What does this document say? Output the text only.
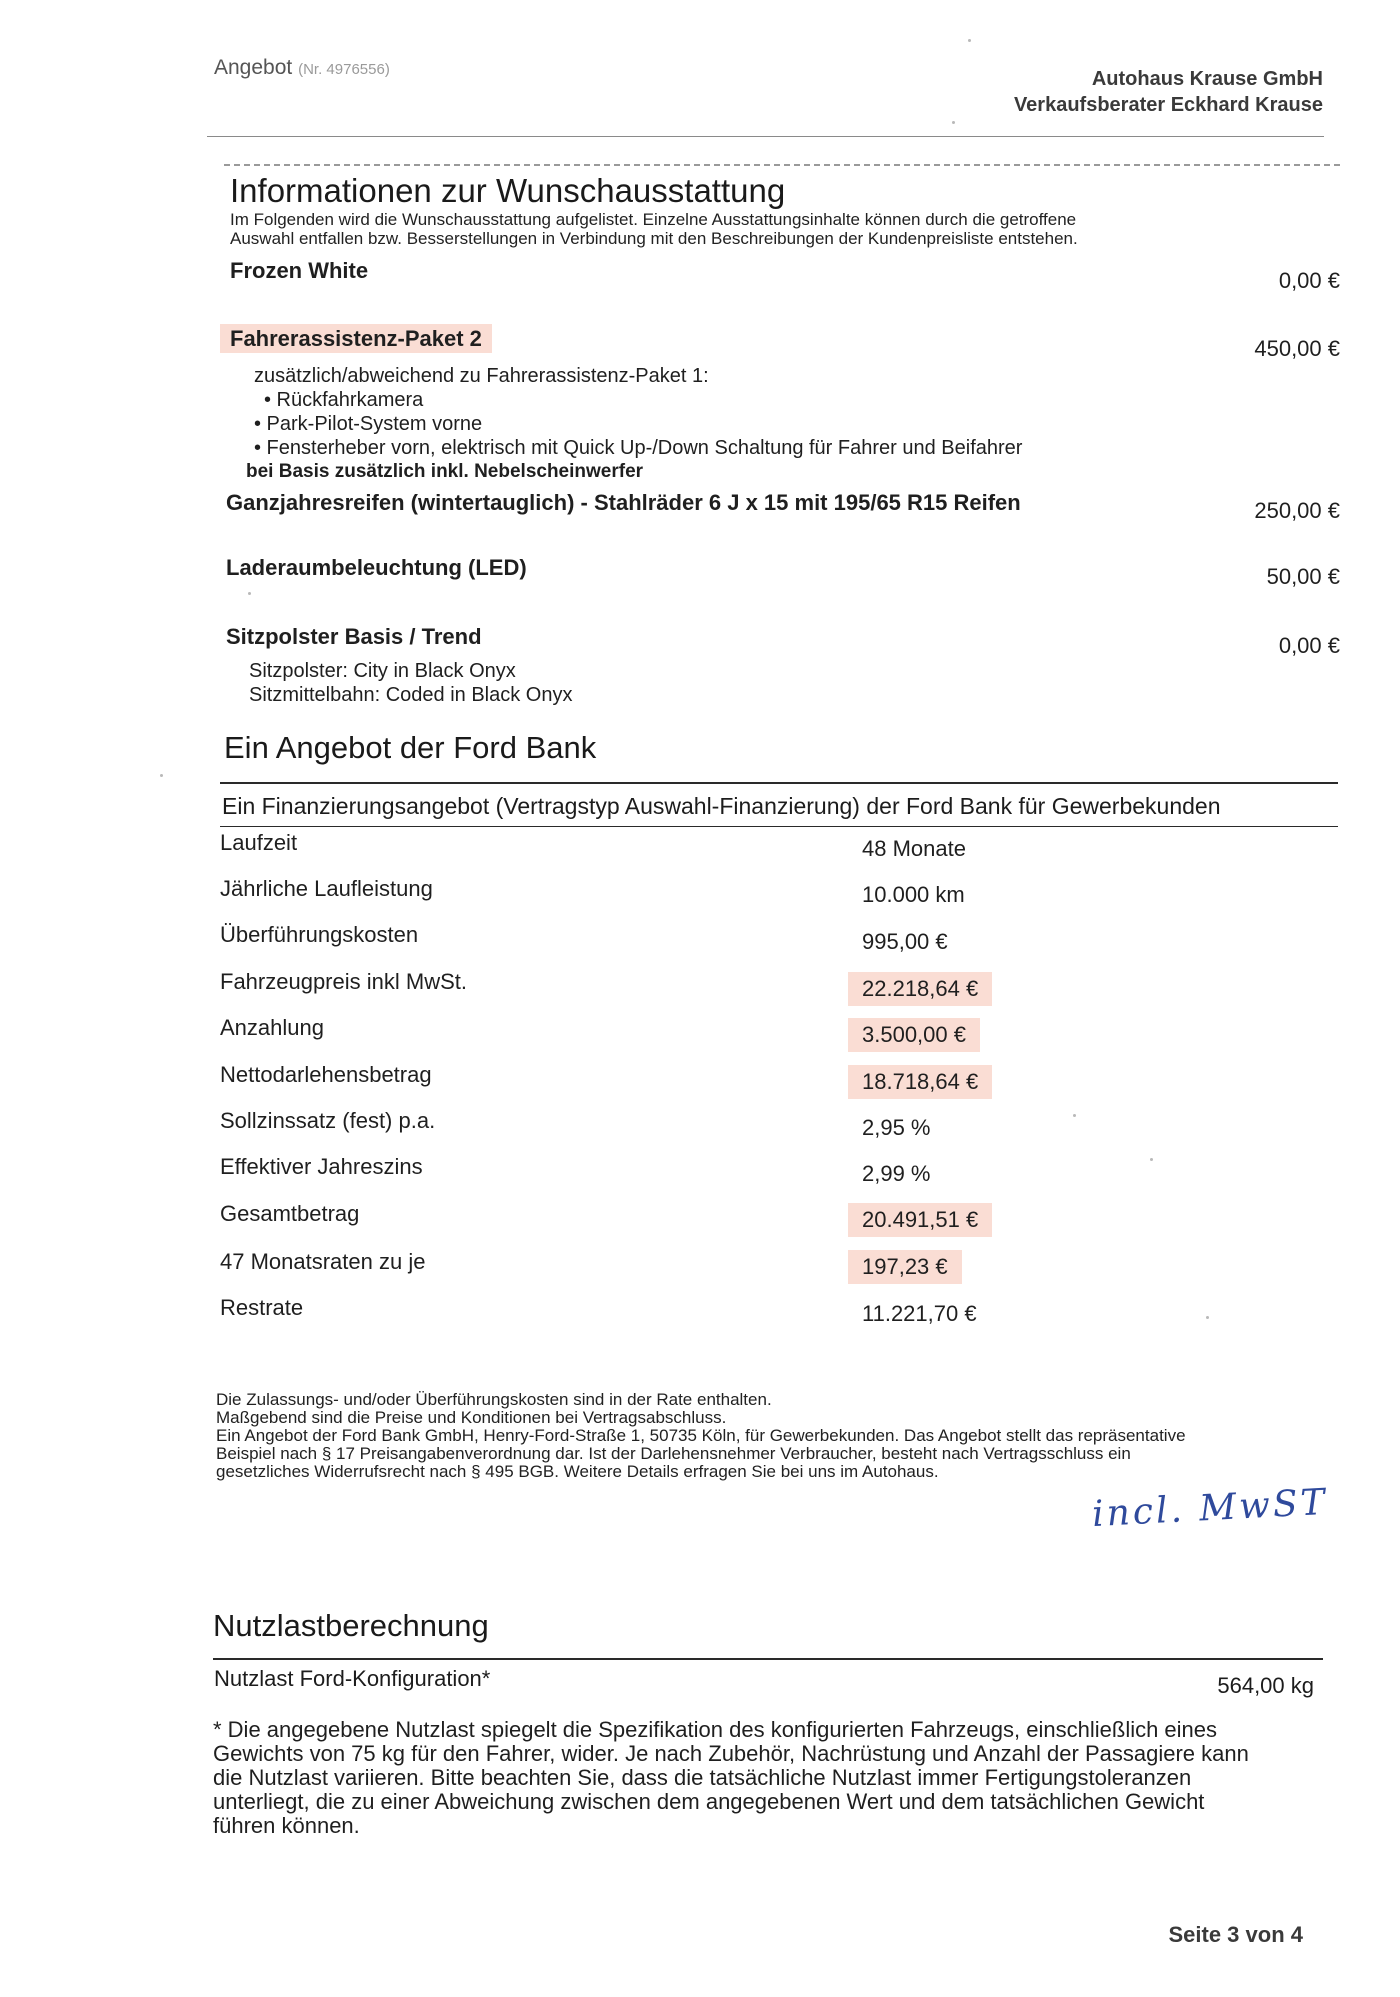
Angebot (Nr. 4976556)	Autohaus Krause GmbH
Verkaufsberater Eckhard Krause
Informationen zur Wunschausstattung
Im Folgenden wird die Wunschausstattung aufgelistet. Einzelne Ausstattungsinhalte können durch die getroffene
Auswahl entfallen bzw. Besserstellungen in Verbindung mit den Beschreibungen der Kundenpreisliste entstehen.
Frozen White	0,00 €
Fahrerassistenz-Paket 2	450,00 €
zusätzlich/abweichend zu Fahrerassistenz-Paket 1:
• Rückfahrkamera
• Park-Pilot-System vorne
• Fensterheber vorn, elektrisch mit Quick Up-/Down Schaltung für Fahrer und Beifahrer
bei Basis zusätzlich inkl. Nebelscheinwerfer
Ganzjahresreifen (wintertauglich) - Stahlräder 6 J x 15 mit 195/65 R15 Reifen	250,00 €
Laderaumbeleuchtung (LED)	50,00 €
Sitzpolster Basis / Trend	0,00 €
Sitzpolster: City in Black Onyx
Sitzmittelbahn: Coded in Black Onyx
Ein Angebot der Ford Bank
Ein Finanzierungsangebot (Vertragstyp Auswahl-Finanzierung) der Ford Bank für Gewerbekunden
Laufzeit	48 Monate
Jährliche Laufleistung	10.000 km
Überführungskosten	995,00 €
Fahrzeugpreis inkl MwSt.	22.218,64 €
Anzahlung	3.500,00 €
Nettodarlehensbetrag	18.718,64 €
Sollzinssatz (fest) p.a.	2,95 %
Effektiver Jahreszins	2,99 %
Gesamtbetrag	20.491,51 €
47 Monatsraten zu je	197,23 €
Restrate	11.221,70 €
Die Zulassungs- und/oder Überführungskosten sind in der Rate enthalten.
Maßgebend sind die Preise und Konditionen bei Vertragsabschluss.
Ein Angebot der Ford Bank GmbH, Henry-Ford-Straße 1, 50735 Köln, für Gewerbekunden. Das Angebot stellt das repräsentative
Beispiel nach § 17 Preisangabenverordnung dar. Ist der Darlehensnehmer Verbraucher, besteht nach Vertragsschluss ein
gesetzliches Widerrufsrecht nach § 495 BGB. Weitere Details erfragen Sie bei uns im Autohaus.
incl. MwST
Nutzlastberechnung
Nutzlast Ford-Konfiguration*	564,00 kg
* Die angegebene Nutzlast spiegelt die Spezifikation des konfigurierten Fahrzeugs, einschließlich eines
Gewichts von 75 kg für den Fahrer, wider. Je nach Zubehör, Nachrüstung und Anzahl der Passagiere kann
die Nutzlast variieren. Bitte beachten Sie, dass die tatsächliche Nutzlast immer Fertigungstoleranzen
unterliegt, die zu einer Abweichung zwischen dem angegebenen Wert und dem tatsächlichen Gewicht
führen können.
Seite 3 von 4
